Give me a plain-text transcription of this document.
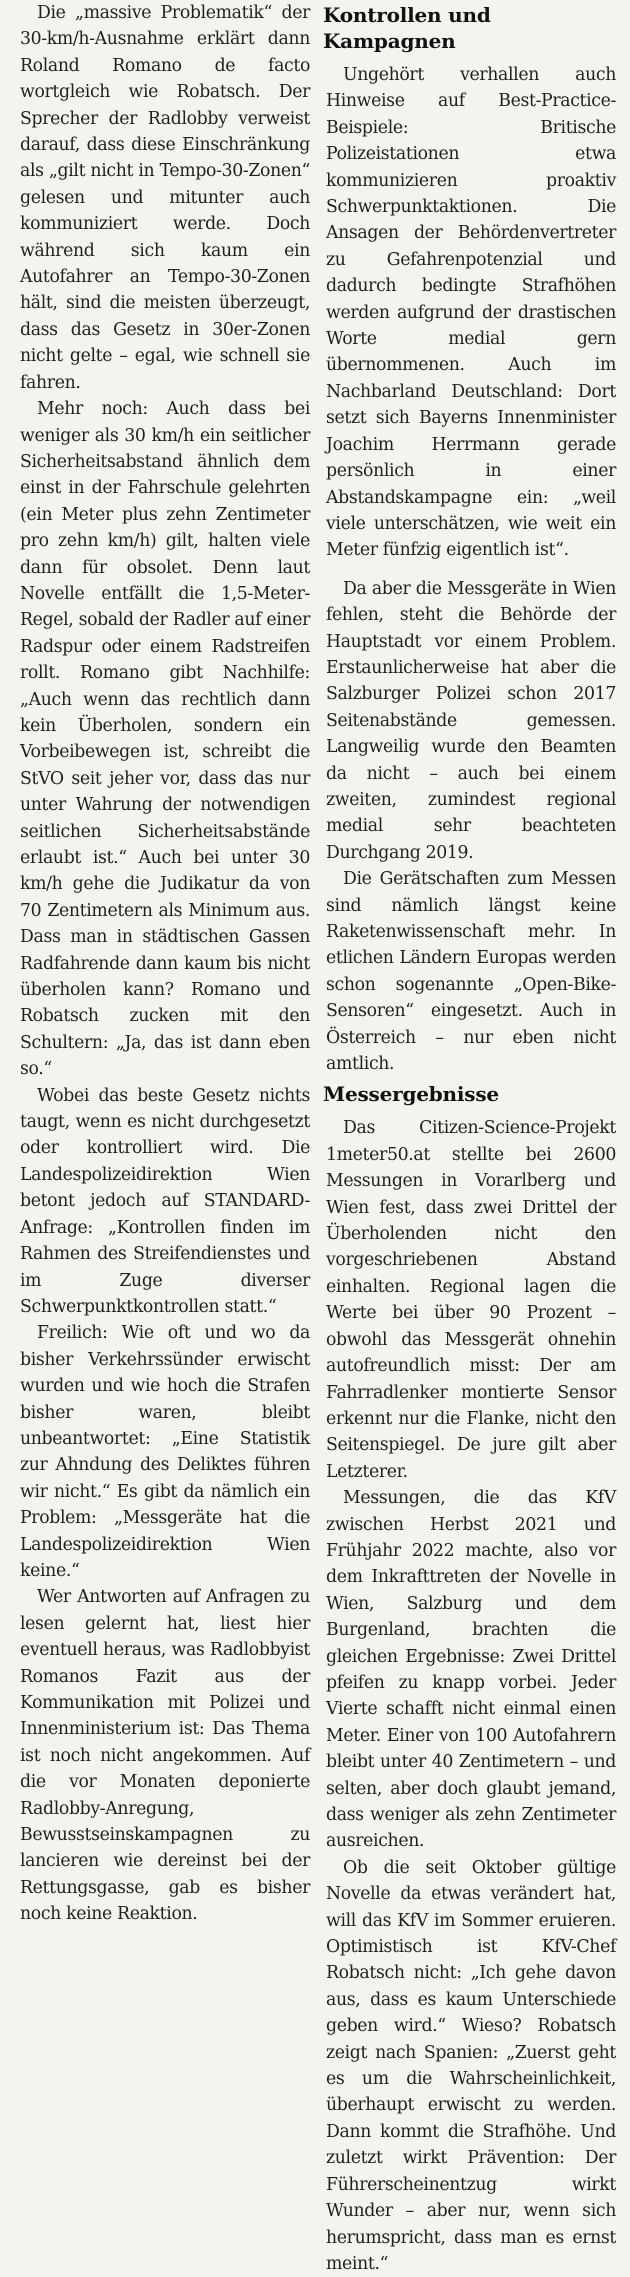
Die „massive Problematik“ der 30-km/h-Ausnahme erklärt dann Roland Romano de facto wortgleich wie Robatsch. Der Sprecher der Radlobby verweist darauf, dass diese Einschränkung als „gilt nicht in Tempo-30-Zonen“ gelesen und mitunter auch kommuniziert werde. Doch während sich kaum ein Autofahrer an Tempo-30-Zonen hält, sind die meisten überzeugt, dass das Gesetz in 30er-Zonen nicht gelte – egal, wie schnell sie fahren.

Mehr noch: Auch dass bei weniger als 30 km/h ein seitlicher Sicherheitsabstand ähnlich dem einst in der Fahrschule gelehrten (ein Meter plus zehn Zentimeter pro zehn km/h) gilt, halten viele dann für obsolet. Denn laut Novelle entfällt die 1,5-Meter-Regel, sobald der Radler auf einer Radspur oder einem Radstreifen rollt. Romano gibt Nachhilfe: „Auch wenn das rechtlich dann kein Überholen, sondern ein Vorbeibewegen ist, schreibt die StVO seit jeher vor, dass das nur unter Wahrung der notwendigen seitlichen Sicherheitsabstände erlaubt ist.“ Auch bei unter 30 km/h gehe die Judikatur da von 70 Zentimetern als Minimum aus. Dass man in städtischen Gassen Radfahrende dann kaum bis nicht überholen kann? Romano und Robatsch zucken mit den Schultern: „Ja, das ist dann eben so.“

Wobei das beste Gesetz nichts taugt, wenn es nicht durchgesetzt oder kontrolliert wird. Die Landespolizeidirektion Wien betont jedoch auf STANDARD-Anfrage: „Kontrollen finden im Rahmen des Streifendienstes und im Zuge diverser Schwerpunktkontrollen statt.“

Freilich: Wie oft und wo da bisher Verkehrssünder erwischt wurden und wie hoch die Strafen bisher waren, bleibt unbeantwortet: „Eine Statistik zur Ahndung des Deliktes führen wir nicht.“ Es gibt da nämlich ein Problem: „Messgeräte hat die Landespolizeidirektion Wien keine.“

Wer Antworten auf Anfragen zu lesen gelernt hat, liest hier eventuell heraus, was Radlobbyist Romanos Fazit aus der Kommunikation mit Polizei und Innenministerium ist: Das Thema ist noch nicht angekommen. Auf die vor Monaten deponierte Radlobby-Anregung, Bewusstseinskampagnen zu lancieren wie dereinst bei der Rettungsgasse, gab es bisher noch keine Reaktion.

Kontrollen und Kampagnen

Ungehört verhallen auch Hinweise auf Best-Practice-Beispiele: Britische Polizeistationen etwa kommunizieren proaktiv Schwerpunktaktionen. Die Ansagen der Behördenvertreter zu Gefahrenpotenzial und dadurch bedingte Strafhöhen werden aufgrund der drastischen Worte medial gern übernommenen. Auch im Nachbarland Deutschland: Dort setzt sich Bayerns Innenminister Joachim Herrmann gerade persönlich in einer Abstandskampagne ein: „weil viele unterschätzen, wie weit ein Meter fünfzig eigentlich ist“.

Da aber die Messgeräte in Wien fehlen, steht die Behörde der Hauptstadt vor einem Problem. Erstaunlicherweise hat aber die Salzburger Polizei schon 2017 Seitenabstände gemessen. Langweilig wurde den Beamten da nicht – auch bei einem zweiten, zumindest regional medial sehr beachteten Durchgang 2019.

Die Gerätschaften zum Messen sind nämlich längst keine Raketenwissenschaft mehr. In etlichen Ländern Europas werden schon sogenannte „Open-Bike-Sensoren“ eingesetzt. Auch in Österreich – nur eben nicht amtlich.

Messergebnisse

Das Citizen-Science-Projekt 1meter50.at stellte bei 2600 Messungen in Vorarlberg und Wien fest, dass zwei Drittel der Überholenden nicht den vorgeschriebenen Abstand einhalten. Regional lagen die Werte bei über 90 Prozent – obwohl das Messgerät ohnehin autofreundlich misst: Der am Fahrradlenker montierte Sensor erkennt nur die Flanke, nicht den Seitenspiegel. De jure gilt aber Letzterer.

Messungen, die das KfV zwischen Herbst 2021 und Frühjahr 2022 machte, also vor dem Inkrafttreten der Novelle in Wien, Salzburg und dem Burgenland, brachten die gleichen Ergebnisse: Zwei Drittel pfeifen zu knapp vorbei. Jeder Vierte schafft nicht einmal einen Meter. Einer von 100 Autofahrern bleibt unter 40 Zentimetern – und selten, aber doch glaubt jemand, dass weniger als zehn Zentimeter ausreichen.

Ob die seit Oktober gültige Novelle da etwas verändert hat, will das KfV im Sommer eruieren. Optimistisch ist KfV-Chef Robatsch nicht: „Ich gehe davon aus, dass es kaum Unterschiede geben wird.“ Wieso? Robatsch zeigt nach Spanien: „Zuerst geht es um die Wahrscheinlichkeit, überhaupt erwischt zu werden. Dann kommt die Strafhöhe. Und zuletzt wirkt Prävention: Der Führerscheinentzug wirkt Wunder – aber nur, wenn sich herumspricht, dass man es ernst meint.“
